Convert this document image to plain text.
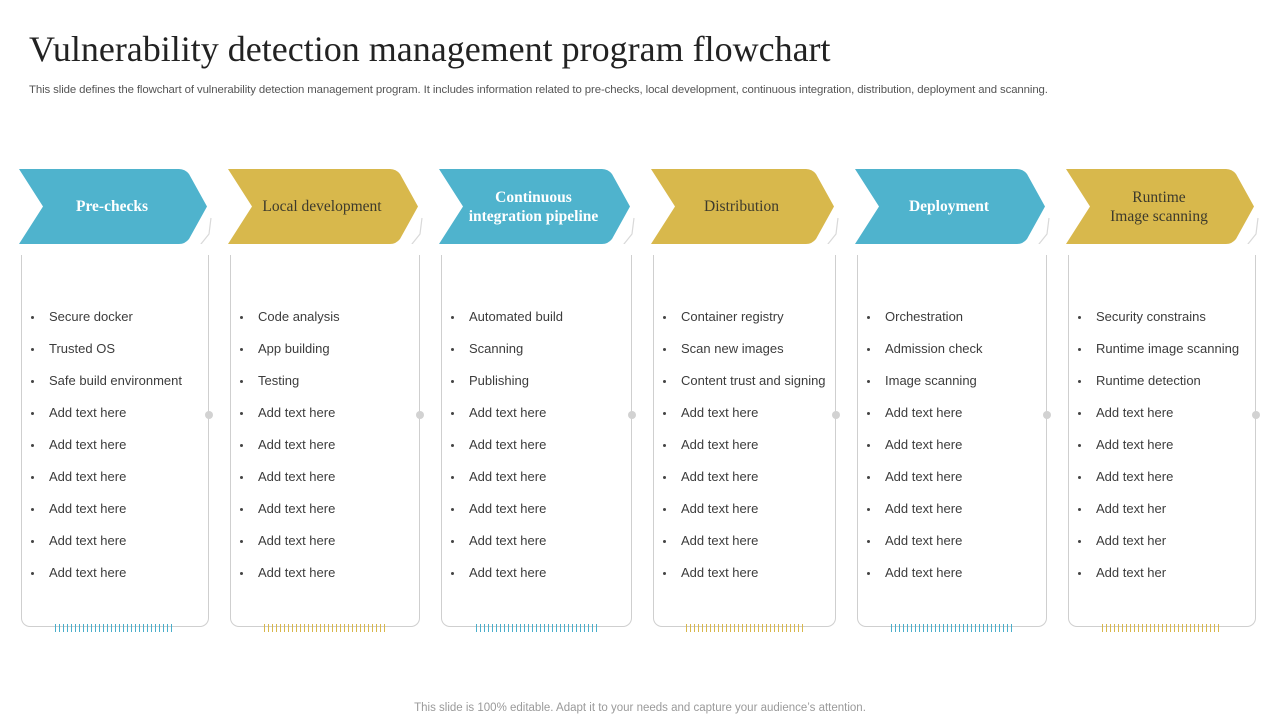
Vulnerability detection management program flowchart

This slide defines the flowchart of vulnerability detection management program. It includes information related to pre-checks, local development, continuous integration, distribution, deployment and scanning.

Pre-checks
Secure docker
Trusted OS
Safe build environment
Add text here
Add text here
Add text here
Add text here
Add text here
Add text here
Local development
Code analysis
App building
Testing
Add text here
Add text here
Add text here
Add text here
Add text here
Add text here
Continuous
integration pipeline
Automated build
Scanning
Publishing
Add text here
Add text here
Add text here
Add text here
Add text here
Add text here
Distribution
Container registry
Scan new images
Content trust and signing
Add text here
Add text here
Add text here
Add text here
Add text here
Add text here
Deployment
Orchestration
Admission check
Image scanning
Add text here
Add text here
Add text here
Add text here
Add text here
Add text here
Runtime
Image scanning
Security constrains
Runtime image scanning
Runtime detection
Add text here
Add text here
Add text here
Add text her
Add text her
Add text her

This slide is 100% editable. Adapt it to your needs and capture your audience’s attention.
